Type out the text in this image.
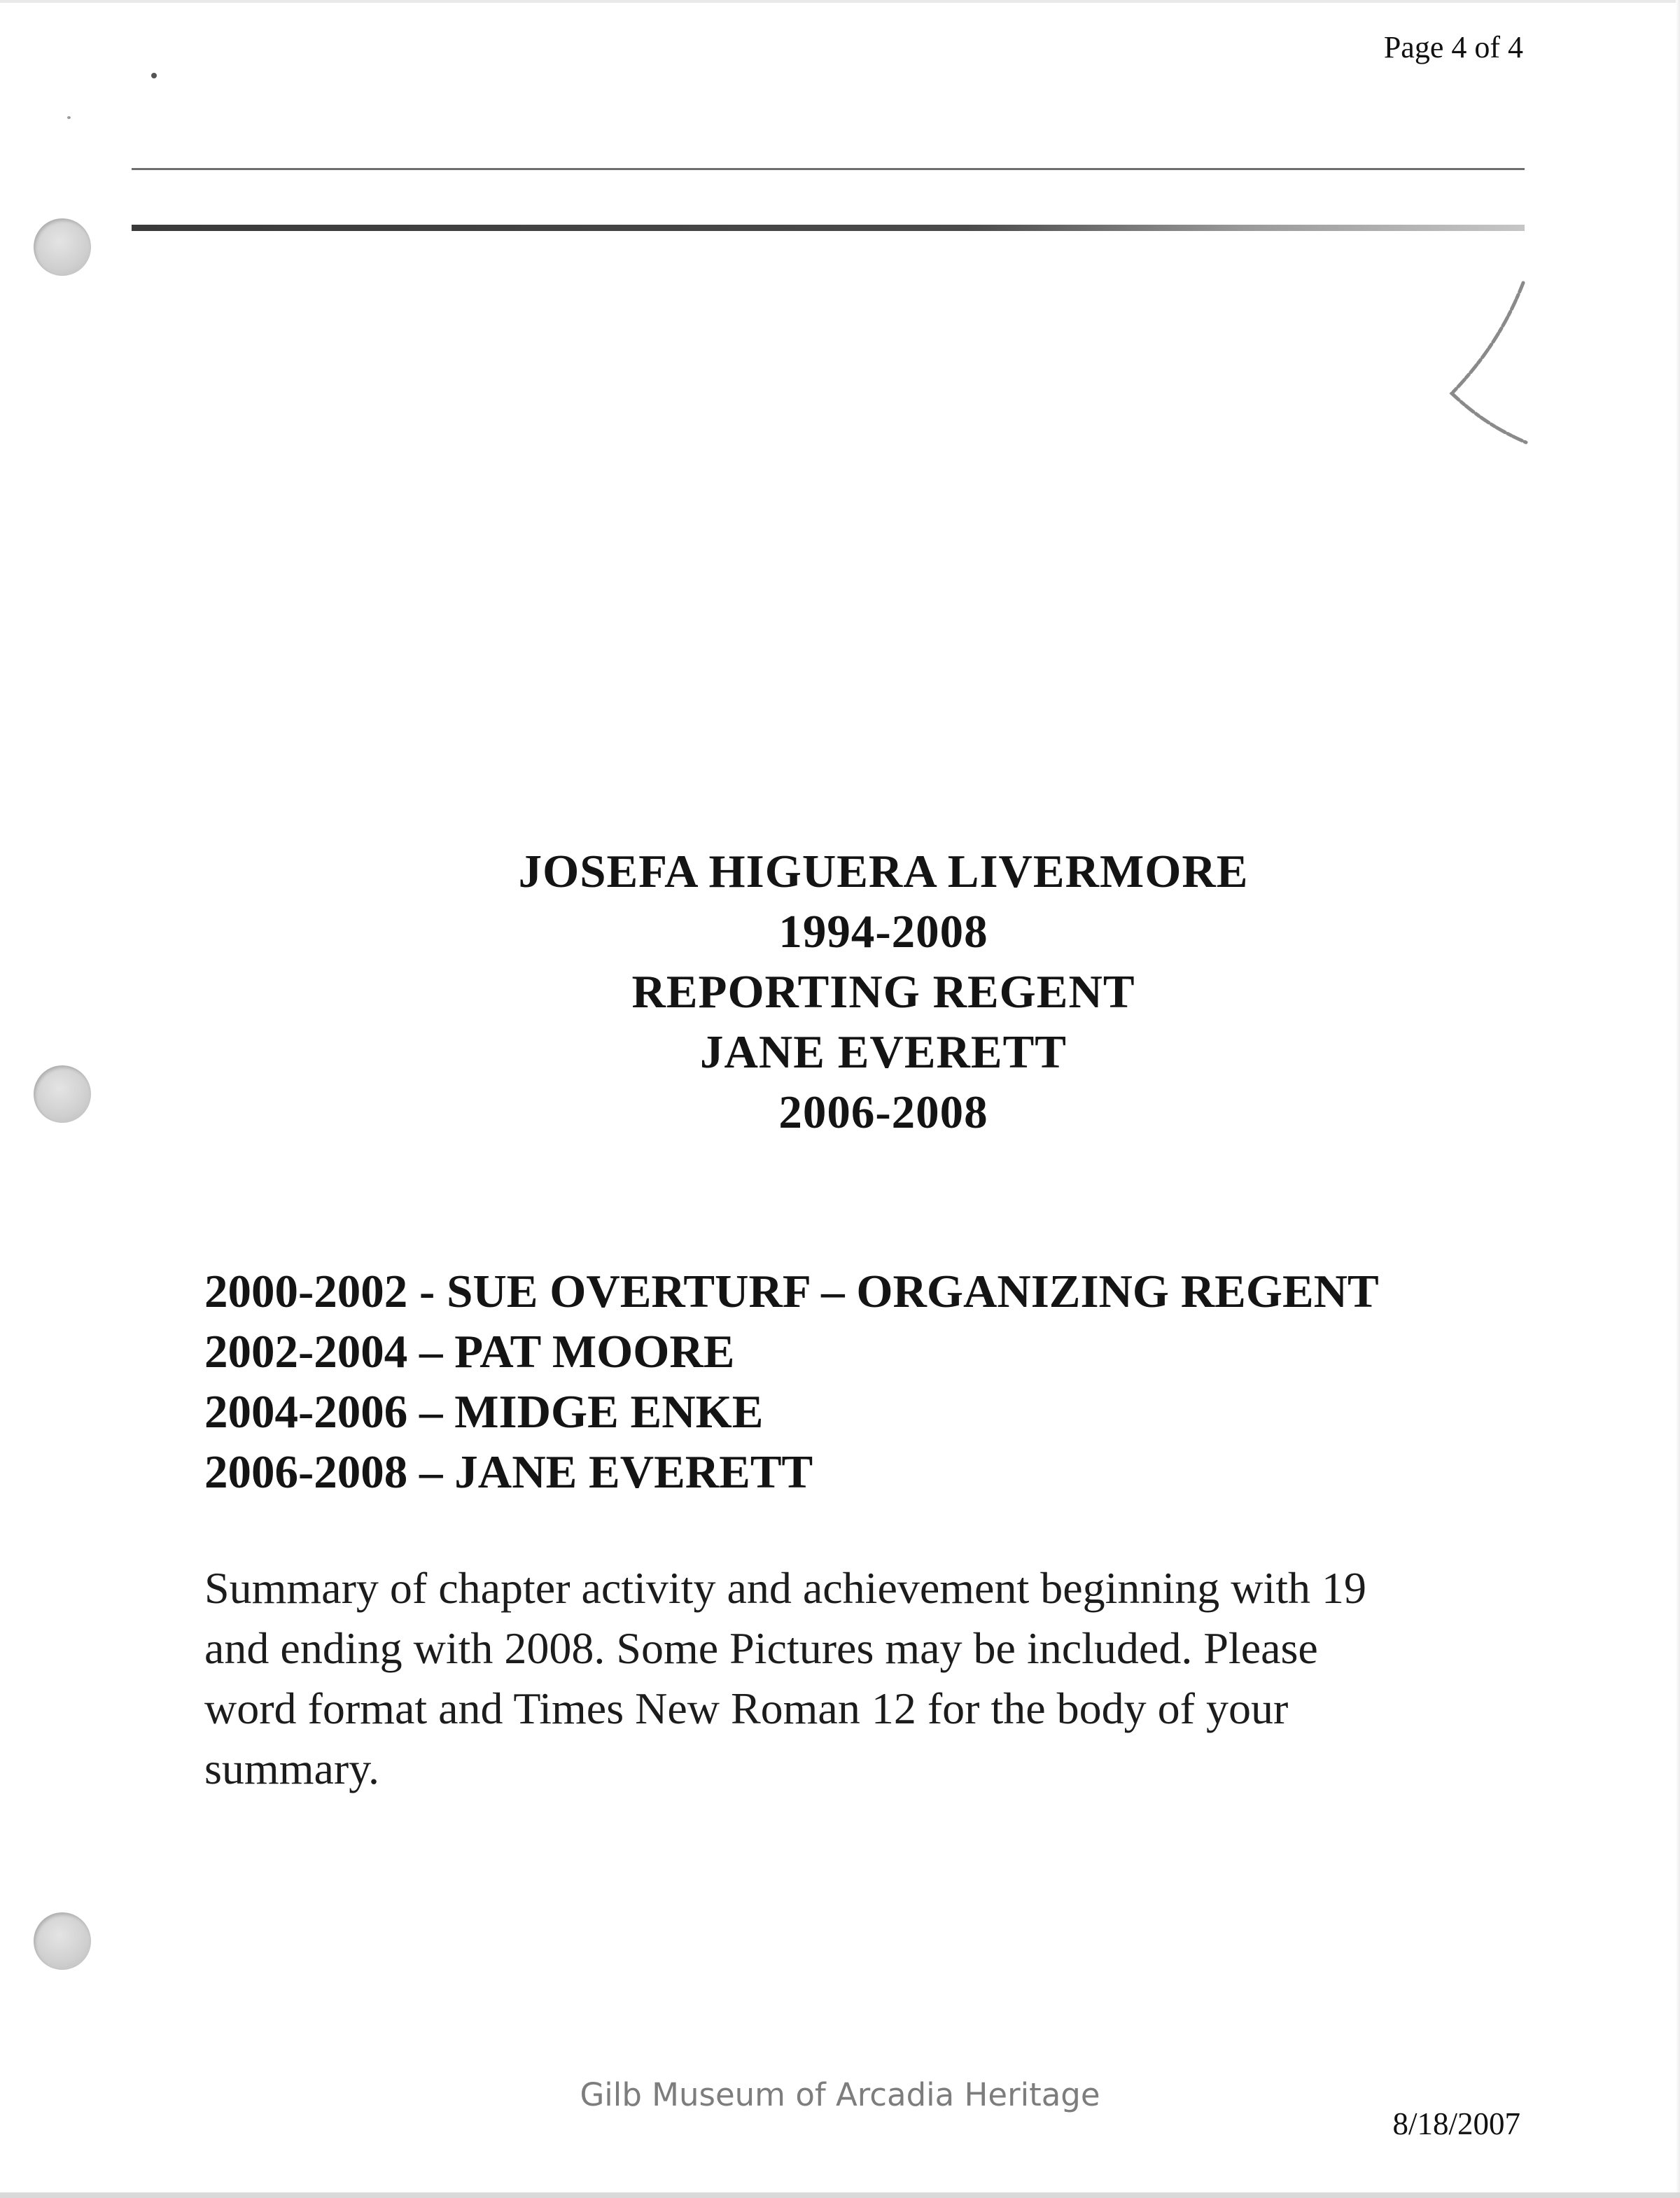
Page 4 of 4

JOSEFA HIGUERA LIVERMORE
1994-2008
REPORTING REGENT
JANE EVERETT
2006-2008
2000-2002 - SUE OVERTURF – ORGANIZING REGENT
2002-2004 – PAT MOORE
2004-2006 – MIDGE ENKE
2006-2008 – JANE EVERETT
Summary of chapter activity and achievement beginning with 19
and ending with 2008. Some Pictures may be included. Please
word format and Times New Roman 12 for the body of your
summary.

Gilb Museum of Arcadia Heritage

8/18/2007
